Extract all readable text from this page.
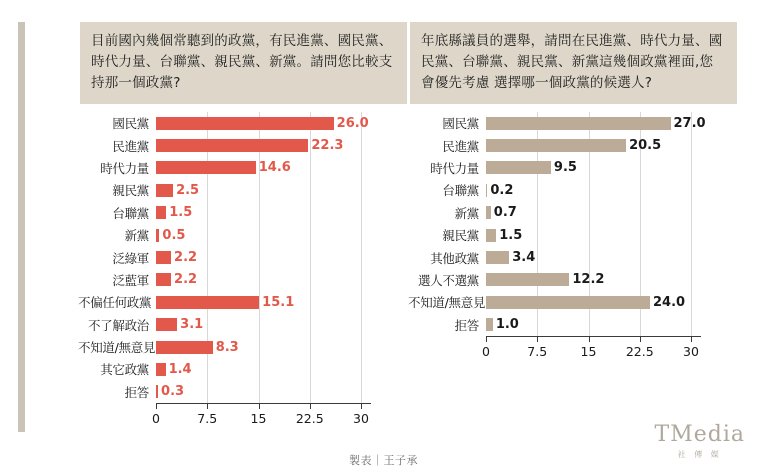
目前國內幾個常聽到的政黨，有民進黨、國民黨、時代力量、台聯黨、親民黨、新黨。請問您比較支持那一個政黨?
年底縣議員的選舉，請問在民進黨、時代力量、國民黨、台聯黨、親民黨、新黨這幾個政黨裡面,您會優先考慮 選擇哪一個政黨的候選人?
國民黨	26.0
民進黨	22.3
時代力量	14.6
親民黨	2.5
台聯黨	1.5
新黨	0.5
泛綠軍	2.2
泛藍軍	2.2
不偏任何政黨	15.1
不了解政治	3.1
不知道/無意見	8.3
其它政黨	1.4
拒答 0.3
0	7.5	15 22.5 30
國民黨	27.0
民進黨	20.5
時代力量	9.5
台聯黨 0.2
新黨	0.7
親民黨	1.5
其他政黨	3.4
選人不選黨	12.2
不知道/無意見	24.0
拒答	1.0
0	7.5	15 22.5 30
製表｜王子承
TMedia
社 傳 媒
